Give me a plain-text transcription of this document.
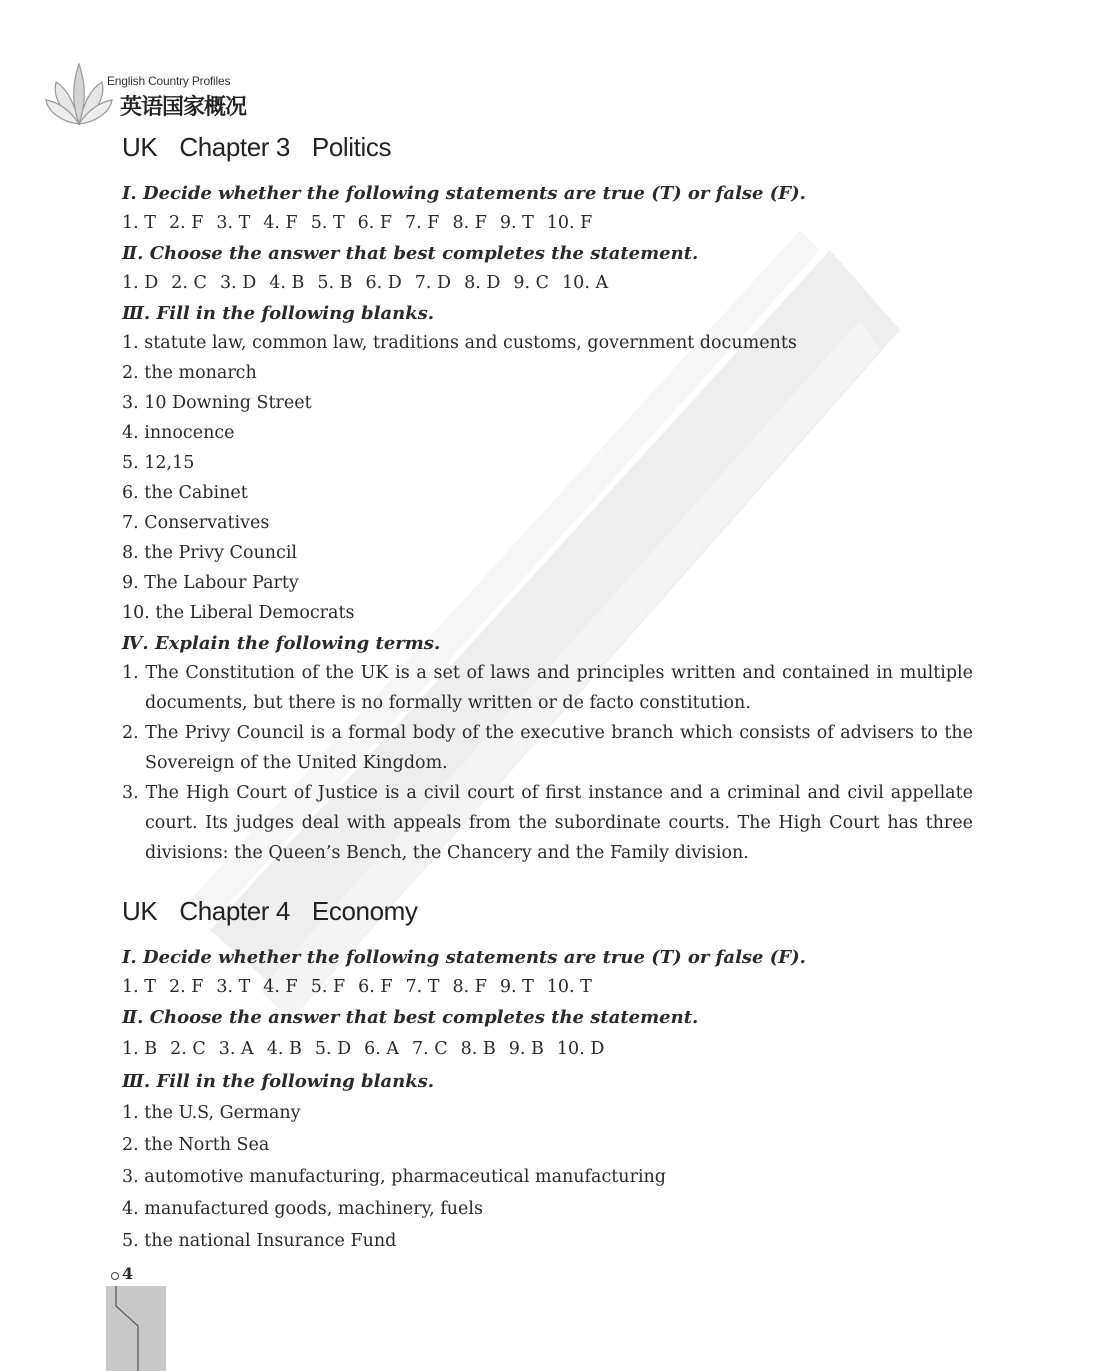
English Country Profiles
英语国家概况
UK Chapter 3 Politics
Ⅰ. Decide whether the following statements are true (T) or false (F).
1. T 2. F 3. T 4. F 5. T 6. F 7. F 8. F 9. T 10. F
Ⅱ. Choose the answer that best completes the statement.
1. D 2. C 3. D 4. B 5. B 6. D 7. D 8. D 9. C 10. A
Ⅲ. Fill in the following blanks.
1. statute law, common law, traditions and customs, government documents
2. the monarch
3. 10 Downing Street
4. innocence
5. 12,15
6. the Cabinet
7. Conservatives
8. the Privy Council
9. The Labour Party
10. the Liberal Democrats
Ⅳ. Explain the following terms.
1. The Constitution of the UK is a set of laws and principles written and contained in multiple documents, but there is no formally written or de facto constitution.
2. The Privy Council is a formal body of the executive branch which consists of advisers to the Sovereign of the United Kingdom.
3. The High Court of Justice is a civil court of first instance and a criminal and civil appellate court. Its judges deal with appeals from the subordinate courts. The High Court has three divisions: the Queen’s Bench, the Chancery and the Family division.
UK Chapter 4 Economy
Ⅰ. Decide whether the following statements are true (T) or false (F).
1. T 2. F 3. T 4. F 5. F 6. F 7. T 8. F 9. T 10. T
Ⅱ. Choose the answer that best completes the statement.
1. B 2. C 3. A 4. B 5. D 6. A 7. C 8. B 9. B 10. D
Ⅲ. Fill in the following blanks.
1. the U.S, Germany
2. the North Sea
3. automotive manufacturing, pharmaceutical manufacturing
4. manufactured goods, machinery, fuels
5. the national Insurance Fund
4
